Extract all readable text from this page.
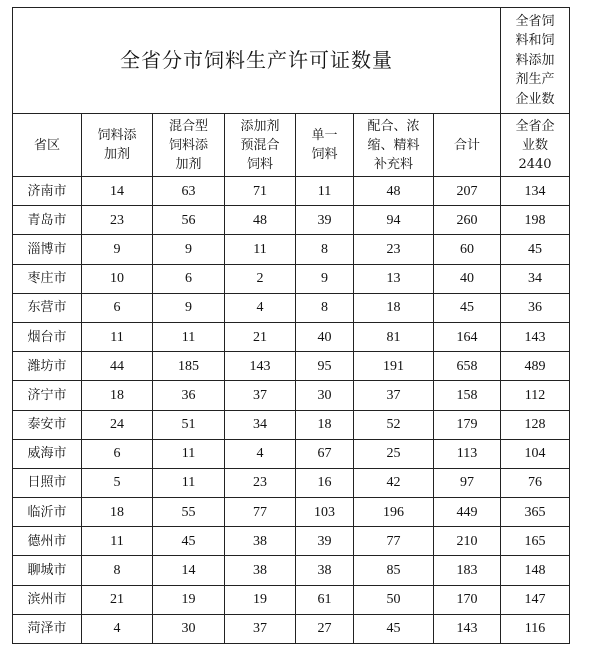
全省分市饲料生产许可证数量							全省饲
料和饲
料添加
剂生产
企业数
省区	饲料添
加剂	混合型
饲料添
加剂	添加剂
预混合
饲料	单一
饲料	配合、浓
缩、精料
补充料	合计	全省企
业数
2440
济南市	14	63	71	11	48	207	134
青岛市	23	56	48	39	94	260	198
淄博市	9	9	11	8	23	60	45
枣庄市	10	6	2	9	13	40	34
东营市	6	9	4	8	18	45	36
烟台市	11	11	21	40	81	164	143
潍坊市	44	185	143	95	191	658	489
济宁市	18	36	37	30	37	158	112
泰安市	24	51	34	18	52	179	128
威海市	6	11	4	67	25	113	104
日照市	5	11	23	16	42	97	76
临沂市	18	55	77	103	196	449	365
德州市	11	45	38	39	77	210	165
聊城市	8	14	38	38	85	183	148
滨州市	21	19	19	61	50	170	147
菏泽市	4	30	37	27	45	143	116
